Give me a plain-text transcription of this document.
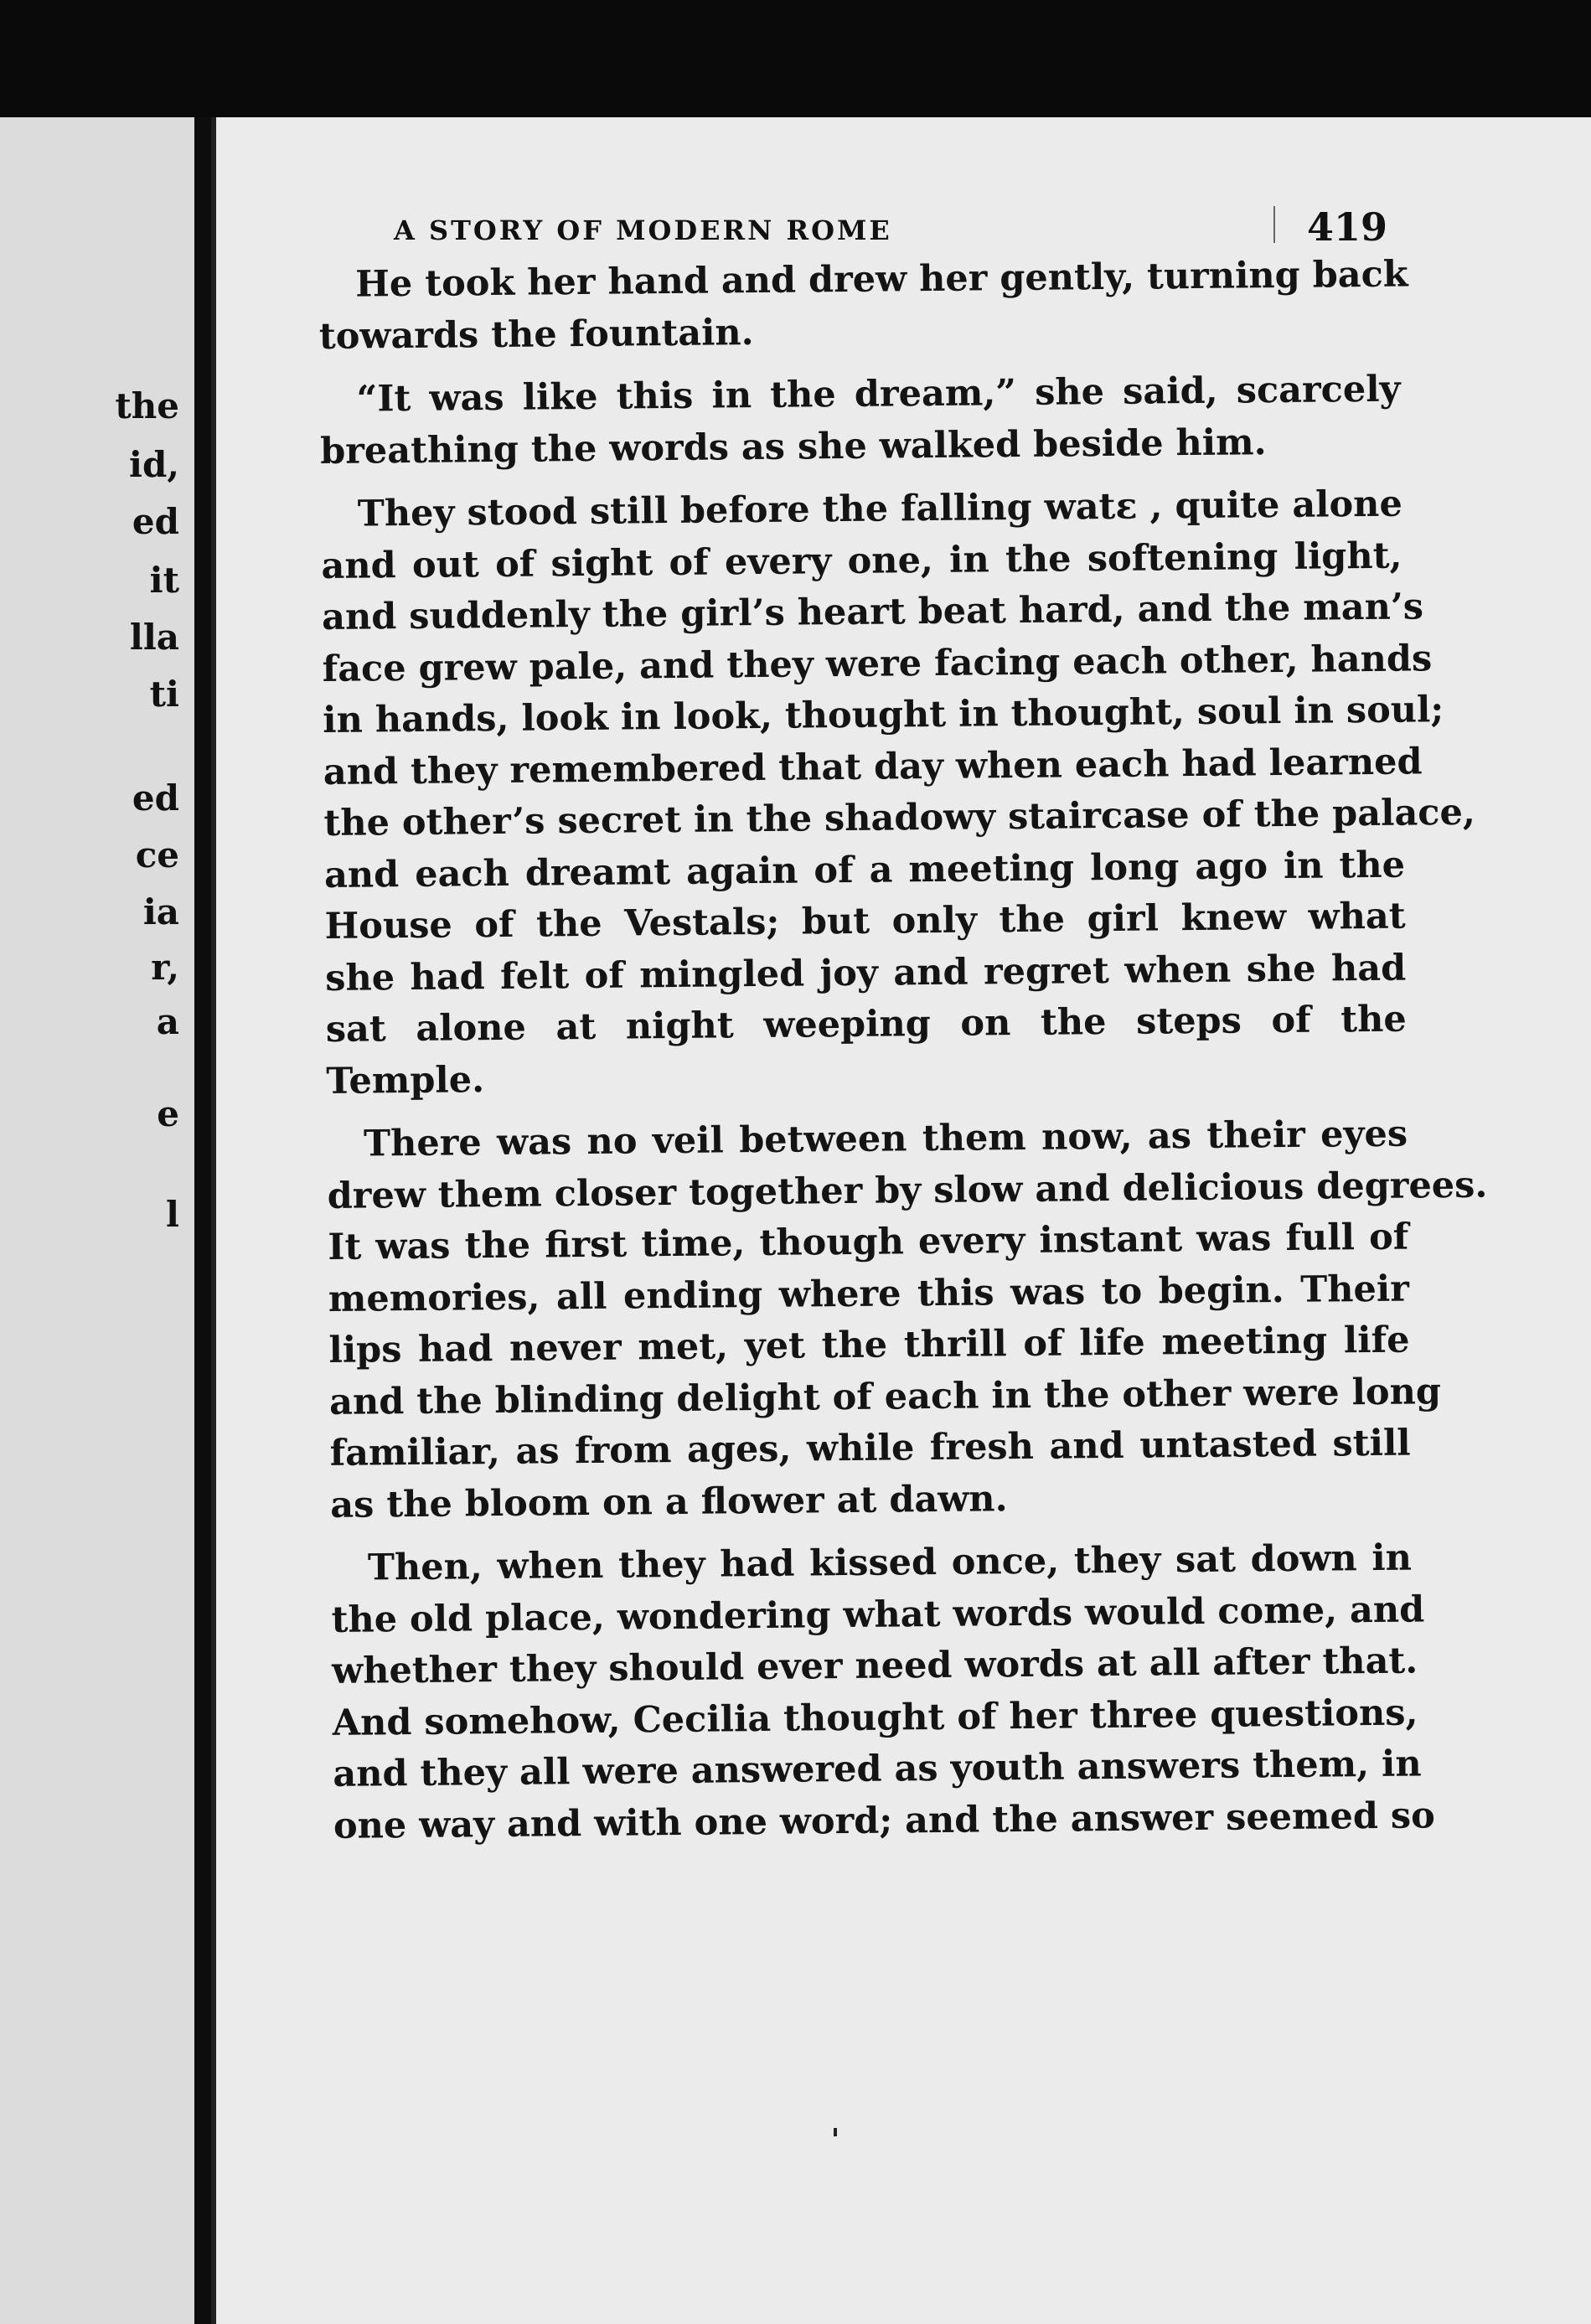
the
id,
ed
it
lla
ti
ed
ce
ia
r,
a
e
l
A STORY OF MODERN ROME	419
He took her hand and drew her gently, turning back
towards the fountain.
“It was like this in the dream,” she said, scarcely
breathing the words as she walked beside him.
They stood still before the falling watε , quite alone
and out of sight of every one, in the softening light,
and suddenly the girl’s heart beat hard, and the man’s
face grew pale, and they were facing each other, hands
in hands, look in look, thought in thought, soul in soul;
and they remembered that day when each had learned
the other’s secret in the shadowy staircase of the palace,
and each dreamt again of a meeting long ago in the
House of the Vestals; but only the girl knew what
she had felt of mingled joy and regret when she had
sat alone at night weeping on the steps of the
Temple.
There was no veil between them now, as their eyes
drew them closer together by slow and delicious degrees.
It was the first time, though every instant was full of
memories, all ending where this was to begin. Their
lips had never met, yet the thrill of life meeting life
and the blinding delight of each in the other were long
familiar, as from ages, while fresh and untasted still
as the bloom on a flower at dawn.
Then, when they had kissed once, they sat down in
the old place, wondering what words would come, and
whether they should ever need words at all after that.
And somehow, Cecilia thought of her three questions,
and they all were answered as youth answers them, in
one way and with one word; and the answer seemed so
